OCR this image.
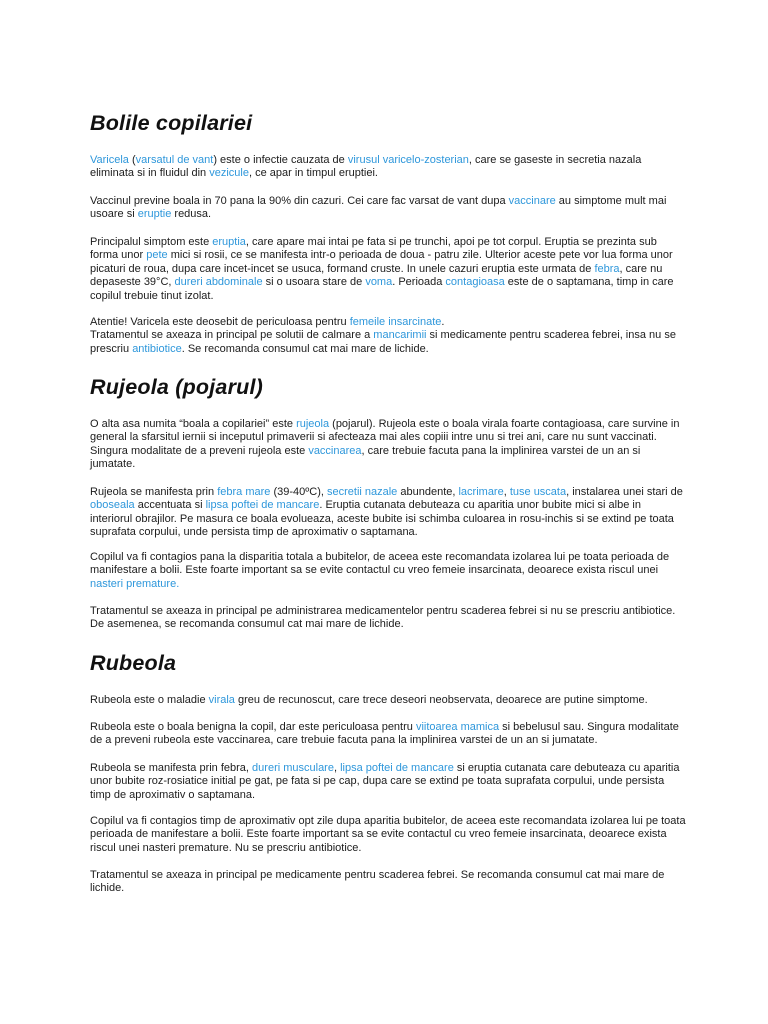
Bolile copilariei

Varicela (varsatul de vant) este o infectie cauzata de virusul varicelo-zosterian, care se gaseste in secretia nazala eliminata si in fluidul din vezicule, ce apar in timpul eruptiei.

Vaccinul previne boala in 70 pana la 90% din cazuri. Cei care fac varsat de vant dupa vaccinare au simptome mult mai usoare si eruptie redusa.

Principalul simptom este eruptia, care apare mai intai pe fata si pe trunchi, apoi pe tot corpul. Eruptia se prezinta sub forma unor pete mici si rosii, ce se manifesta intr-o perioada de doua - patru zile. Ulterior aceste pete vor lua forma unor picaturi de roua, dupa care incet-incet se usuca, formand cruste. In unele cazuri eruptia este urmata de febra, care nu depaseste 39°C, dureri abdominale si o usoara stare de voma. Perioada contagioasa este de o saptamana, timp in care copilul trebuie tinut izolat.

Atentie! Varicela este deosebit de periculoasa pentru femeile insarcinate.
Tratamentul se axeaza in principal pe solutii de calmare a mancarimii si medicamente pentru scaderea febrei, insa nu se prescriu antibiotice. Se recomanda consumul cat mai mare de lichide.

Rujeola (pojarul)

O alta asa numita “boala a copilariei” este rujeola (pojarul). Rujeola este o boala virala foarte contagioasa, care survine in general la sfarsitul iernii si inceputul primaverii si afecteaza mai ales copiii intre unu si trei ani, care nu sunt vaccinati. Singura modalitate de a preveni rujeola este vaccinarea, care trebuie facuta pana la implinirea varstei de un an si jumatate.

Rujeola se manifesta prin febra mare (39-40ºC), secretii nazale abundente, lacrimare, tuse uscata, instalarea unei stari de oboseala accentuata si lipsa poftei de mancare. Eruptia cutanata debuteaza cu aparitia unor bubite mici si albe in interiorul obrajilor. Pe masura ce boala evolueaza, aceste bubite isi schimba culoarea in rosu-inchis si se extind pe toata suprafata corpului, unde persista timp de aproximativ o saptamana.

Copilul va fi contagios pana la disparitia totala a bubitelor, de aceea este recomandata izolarea lui pe toata perioada de manifestare a bolii. Este foarte important sa se evite contactul cu vreo femeie insarcinata, deoarece exista riscul unei nasteri premature.

Tratamentul se axeaza in principal pe administrarea medicamentelor pentru scaderea febrei si nu se prescriu antibiotice. De asemenea, se recomanda consumul cat mai mare de lichide.

Rubeola

Rubeola este o maladie virala greu de recunoscut, care trece deseori neobservata, deoarece are putine simptome.

Rubeola este o boala benigna la copil, dar este periculoasa pentru viitoarea mamica si bebelusul sau. Singura modalitate de a preveni rubeola este vaccinarea, care trebuie facuta pana la implinirea varstei de un an si jumatate.

Rubeola se manifesta prin febra, dureri musculare, lipsa poftei de mancare si eruptia cutanata care debuteaza cu aparitia unor bubite roz-rosiatice initial pe gat, pe fata si pe cap, dupa care se extind pe toata suprafata corpului, unde persista timp de aproximativ o saptamana.

Copilul va fi contagios timp de aproximativ opt zile dupa aparitia bubitelor, de aceea este recomandata izolarea lui pe toata perioada de manifestare a bolii. Este foarte important sa se evite contactul cu vreo femeie insarcinata, deoarece exista riscul unei nasteri premature. Nu se prescriu antibiotice.

Tratamentul se axeaza in principal pe medicamente pentru scaderea febrei. Se recomanda consumul cat mai mare de lichide.
